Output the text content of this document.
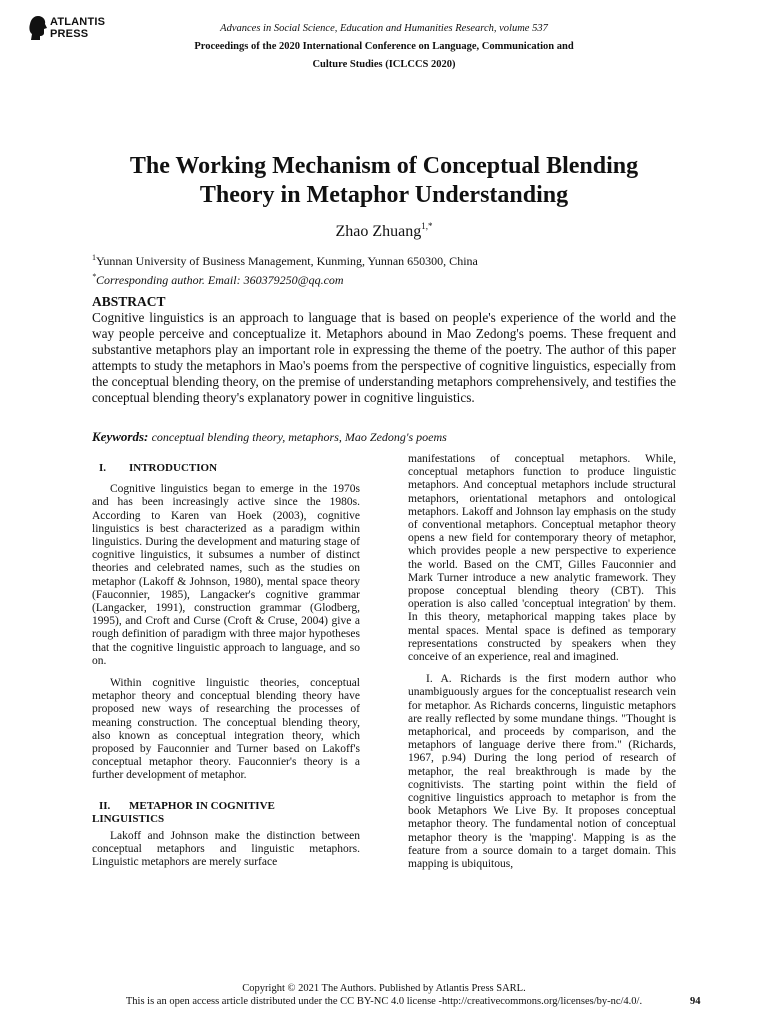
ATLANTIS
PRESS	Advances in Social Science, Education and Humanities Research, volume 537
Proceedings of the 2020 International Conference on Language, Communication and
Culture Studies (ICLCCS 2020)
The Working Mechanism of Conceptual Blending
Theory in Metaphor Understanding
Zhao Zhuang$^{1,*}$
$^1$Yunnan University of Business Management, Kunming, Yunnan 650300, China
*Corresponding author. Email: 360379250@qq.com
ABSTRACT
Cognitive linguistics is an approach to language that is based on people's experience of the world and the way people perceive and conceptualize it. Metaphors abound in Mao Zedong's poems. These frequent and substantive metaphors play an important role in expressing the theme of the poetry. The author of this paper attempts to study the metaphors in Mao's poems from the perspective of cognitive linguistics, especially from the conceptual blending theory, on the premise of understanding metaphors comprehensively, and testifies the conceptual blending theory's explanatory power in cognitive linguistics.
Keywords: conceptual blending theory, metaphors, Mao Zedong's poems
I. INTRODUCTION

Cognitive linguistics began to emerge in the 1970s and has been increasingly active since the 1980s. According to Karen van Hoek (2003), cognitive linguistics is best characterized as a paradigm within linguistics. During the development and maturing stage of cognitive linguistics, it subsumes a number of distinct theories and celebrated names, such as the studies on metaphor (Lakoff & Johnson, 1980), mental space theory (Fauconnier, 1985), Langacker's cognitive grammar (Langacker, 1991), construction grammar (Glodberg, 1995), and Croft and Curse (Croft & Cruse, 2004) give a rough definition of paradigm with three major hypotheses that the cognitive linguistic approach to language, and so on.

Within cognitive linguistic theories, conceptual metaphor theory and conceptual blending theory have proposed new ways of researching the processes of meaning construction. The conceptual blending theory, also known as conceptual integration theory, which proposed by Fauconnier and Turner based on Lakoff's conceptual metaphor theory. Fauconnier's theory is a further development of metaphor.

II. METAPHOR IN COGNITIVE
LINGUISTICS

Lakoff and Johnson make the distinction between conceptual metaphors and linguistic metaphors. Linguistic metaphors are merely surface

manifestations of conceptual metaphors. While, conceptual metaphors function to produce linguistic metaphors. And conceptual metaphors include structural metaphors, orientational metaphors and ontological metaphors. Lakoff and Johnson lay emphasis on the study of conventional metaphors. Conceptual metaphor theory opens a new field for contemporary theory of metaphor, which provides people a new perspective to experience the world. Based on the CMT, Gilles Fauconnier and Mark Turner introduce a new analytic framework. They propose conceptual blending theory (CBT). This operation is also called 'conceptual integration' by them. In this theory, metaphorical mapping takes place by mental spaces. Mental space is defined as temporary representations constructed by speakers when they conceive of an experience, real and imagined.

I. A. Richards is the first modern author who unambiguously argues for the conceptualist research vein for metaphor. As Richards concerns, linguistic metaphors are really reflected by some mundane things. "Thought is metaphorical, and proceeds by comparison, and the metaphors of language derive there from." (Richards, 1967, p.94) During the long period of research of metaphor, the real breakthrough is made by the cognitivists. The starting point within the field of cognitive linguistics approach to metaphor is from the book Metaphors We Live By. It proposes conceptual metaphor theory. The fundamental notion of conceptual metaphor theory is the 'mapping'. Mapping is as the feature from a source domain to a target domain. This mapping is ubiquitous,

Copyright © 2021 The Authors. Published by Atlantis Press SARL.
This is an open access article distributed under the CC BY-NC 4.0 license -http://creativecommons.org/licenses/by-nc/4.0/.	94
